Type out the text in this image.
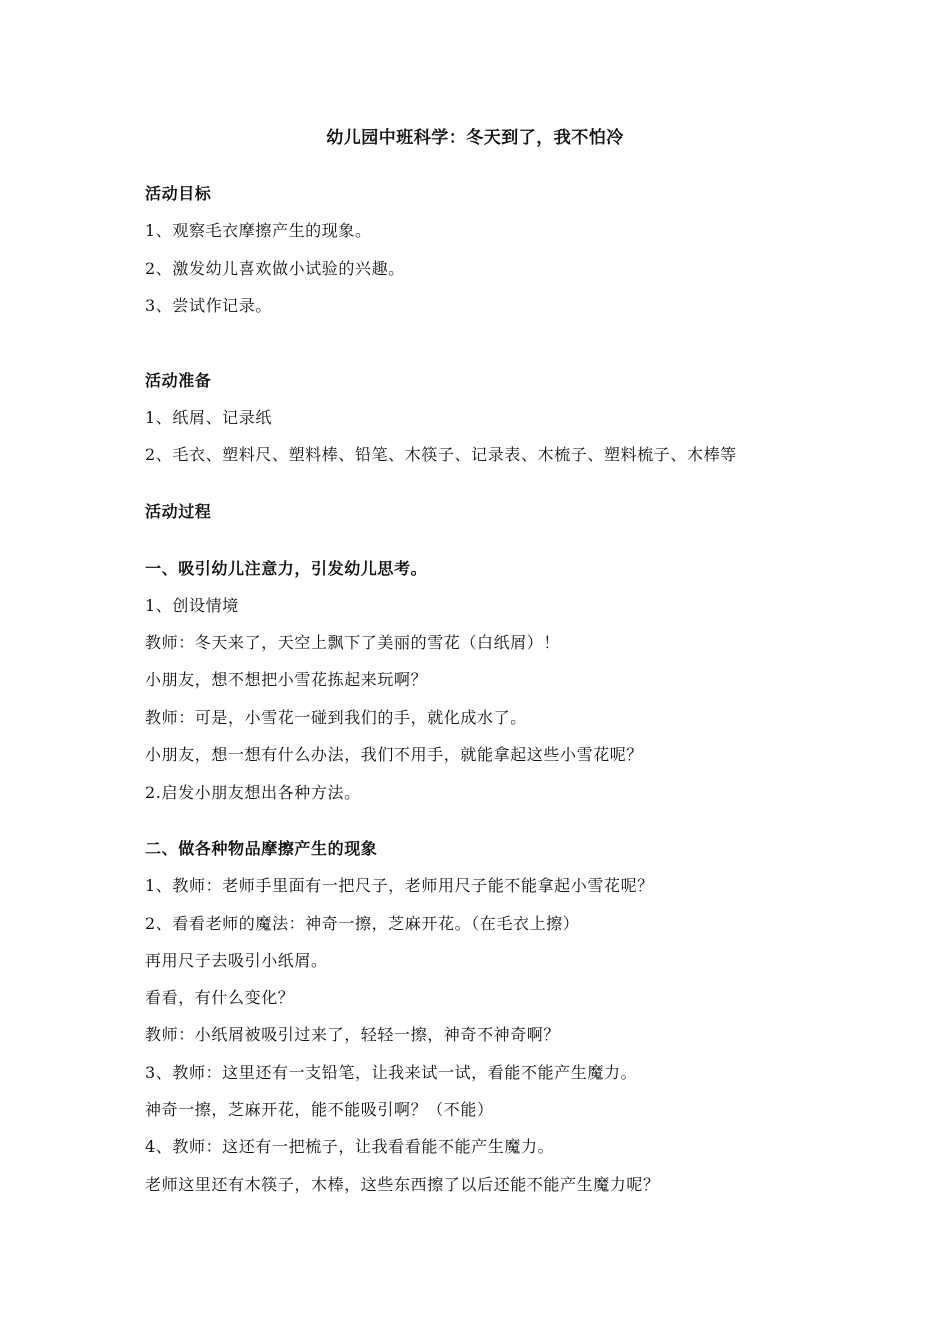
幼儿园中班科学：冬天到了，我不怕冷
活动目标
1、观察毛衣摩擦产生的现象。
2、激发幼儿喜欢做小试验的兴趣。
3、尝试作记录。
活动准备
1、纸屑、记录纸
2、毛衣、塑料尺、塑料棒、铅笔、木筷子、记录表、木梳子、塑料梳子、木棒等
活动过程
一、吸引幼儿注意力，引发幼儿思考。
1、创设情境
教师：冬天来了，天空上飘下了美丽的雪花（白纸屑）！
小朋友，想不想把小雪花拣起来玩啊？
教师：可是，小雪花一碰到我们的手，就化成水了。
小朋友，想一想有什么办法，我们不用手，就能拿起这些小雪花呢？
2.启发小朋友想出各种方法。
二、做各种物品摩擦产生的现象
1、教师：老师手里面有一把尺子，老师用尺子能不能拿起小雪花呢？
2、看看老师的魔法：神奇一擦，芝麻开花。（在毛衣上擦）
再用尺子去吸引小纸屑。
看看，有什么变化？
教师：小纸屑被吸引过来了，轻轻一擦，神奇不神奇啊？
3、教师：这里还有一支铅笔，让我来试一试，看能不能产生魔力。
神奇一擦，芝麻开花，能不能吸引啊？（不能）
4、教师：这还有一把梳子，让我看看能不能产生魔力。
老师这里还有木筷子，木棒，这些东西擦了以后还能不能产生魔力呢？
